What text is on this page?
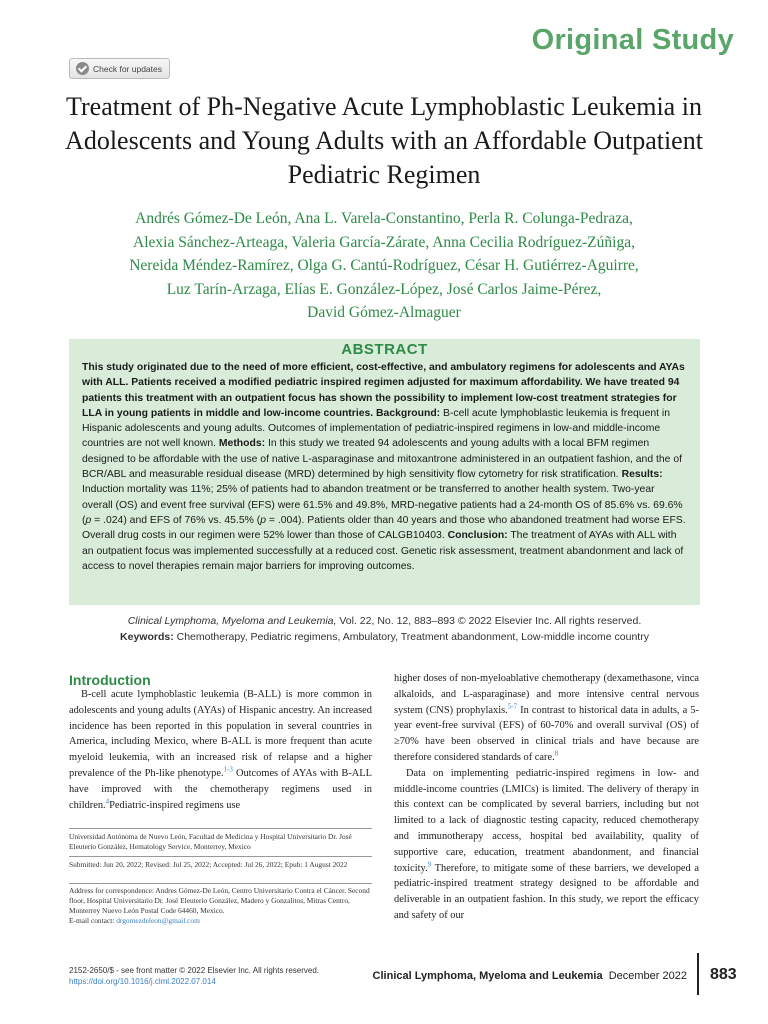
Original Study
Check for updates
Treatment of Ph-Negative Acute Lymphoblastic Leukemia in Adolescents and Young Adults with an Affordable Outpatient Pediatric Regimen
Andrés Gómez-De León, Ana L. Varela-Constantino, Perla R. Colunga-Pedraza,
Alexia Sánchez-Arteaga, Valeria García-Zárate, Anna Cecilia Rodríguez-Zúñiga,
Nereida Méndez-Ramírez, Olga G. Cantú-Rodríguez, César H. Gutiérrez-Aguirre,
Luz Tarín-Arzaga, Elías E. González-López, José Carlos Jaime-Pérez,
David Gómez-Almaguer
ABSTRACT
This study originated due to the need of more efficient, cost-effective, and ambulatory regimens for adolescents and AYAs with ALL. Patients received a modified pediatric inspired regimen adjusted for maximum affordability. We have treated 94 patients this treatment with an outpatient focus has shown the possibility to implement low-cost treatment strategies for LLA in young patients in middle and low-income countries. Background: B-cell acute lymphoblastic leukemia is frequent in Hispanic adolescents and young adults. Outcomes of implementation of pediatric-inspired regimens in low-and middle-income countries are not well known. Methods: In this study we treated 94 adolescents and young adults with a local BFM regimen designed to be affordable with the use of native L-asparaginase and mitoxantrone administered in an outpatient fashion, and the of BCR/ABL and measurable residual disease (MRD) determined by high sensitivity flow cytometry for risk stratification. Results: Induction mortality was 11%; 25% of patients had to abandon treatment or be transferred to another health system. Two-year overall (OS) and event free survival (EFS) were 61.5% and 49.8%, MRD-negative patients had a 24-month OS of 85.6% vs. 69.6% (p = .024) and EFS of 76% vs. 45.5% (p = .004). Patients older than 40 years and those who abandoned treatment had worse EFS. Overall drug costs in our regimen were 52% lower than those of CALGB10403. Conclusion: The treatment of AYAs with ALL with an outpatient focus was implemented successfully at a reduced cost. Genetic risk assessment, treatment abandonment and lack of access to novel therapies remain major barriers for improving outcomes.
Clinical Lymphoma, Myeloma and Leukemia, Vol. 22, No. 12, 883–893 © 2022 Elsevier Inc. All rights reserved.
Keywords: Chemotherapy, Pediatric regimens, Ambulatory, Treatment abandonment, Low-middle income country
Introduction

B-cell acute lymphoblastic leukemia (B-ALL) is more common in adolescents and young adults (AYAs) of Hispanic ancestry. An increased incidence has been reported in this population in several countries in America, including Mexico, where B-ALL is more frequent than acute myeloid leukemia, with an increased risk of relapse and a higher prevalence of the Ph-like phenotype.$^{1-3}$ Outcomes of AYAs with B-ALL have improved with the chemotherapy regimens used in children.$^4$Pediatric-inspired regimens use

higher doses of non-myeloablative chemotherapy (dexamethasone, vinca alkaloids, and L-asparaginase) and more intensive central nervous system (CNS) prophylaxis.$^{5-7}$ In contrast to historical data in adults, a 5-year event-free survival (EFS) of 60-70% and overall survival (OS) of ≥70% have been observed in clinical trials and have because are therefore considered standards of care.$^8$

Data on implementing pediatric-inspired regimens in low- and middle-income countries (LMICs) is limited. The delivery of therapy in this context can be complicated by several barriers, including but not limited to a lack of diagnostic testing capacity, reduced chemotherapy and immunotherapy access, hospital bed availability, quality of supportive care, education, treatment abandonment, and financial toxicity.$^9$ Therefore, to mitigate some of these barriers, we developed a pediatric-inspired treatment strategy designed to be affordable and deliverable in an outpatient fashion. In this study, we report the efficacy and safety of our

Universidad Autónoma de Nuevo León, Facultad de Medicina y Hospital Universitario Dr. José Eleuterio González, Hematology Service, Monterrey, Mexico
Submitted: Jun 20, 2022; Revised: Jul 25, 2022; Accepted: Jul 26, 2022; Epub: 1 August 2022
Address for correspondence: Andres Gómez-De León, Centro Universitario Contra el Cáncer. Second floor, Hospital Universitario Dr. José Eleuterio González, Madero y Gonzalitos, Mitras Centro, Monterrey Nuevo León Postal Code 64460, Mexico.
E-mail contact: drgomezdeleon@gmail.com
2152-2650/$ - see front matter © 2022 Elsevier Inc. All rights reserved.
https://doi.org/10.1016/j.clml.2022.07.014	Clinical Lymphoma, Myeloma and Leukemia December 2022 883
